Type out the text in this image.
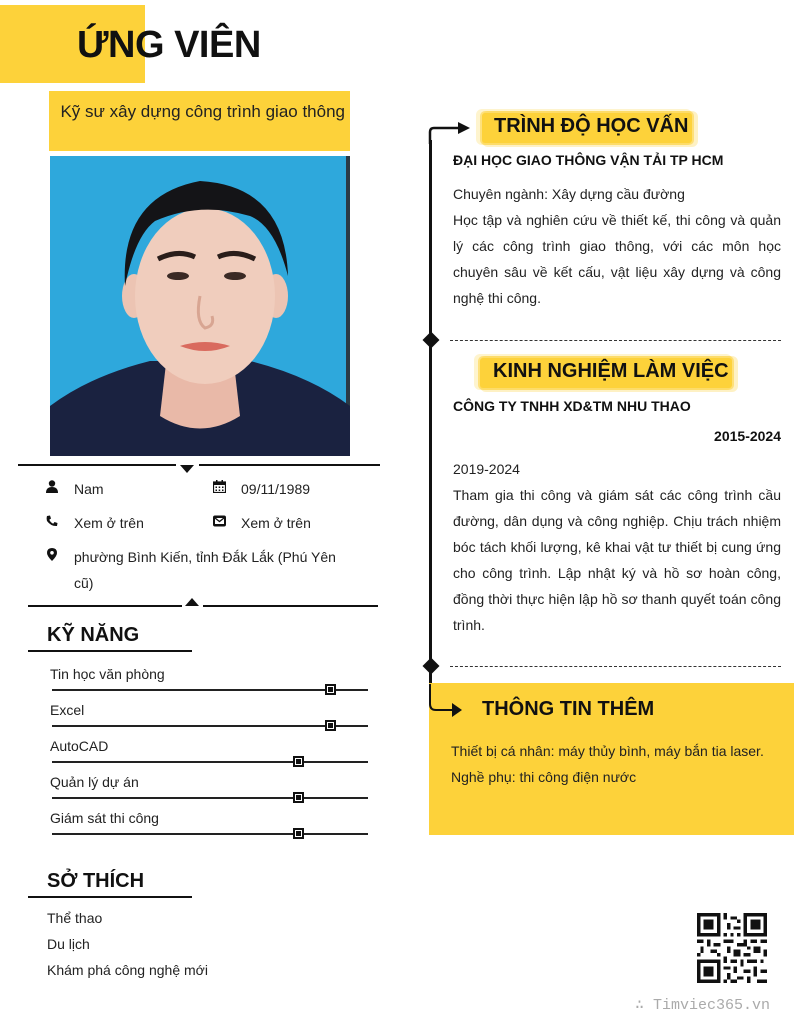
ỨNG VIÊN
Kỹ sư xây dựng công trình giao thông
Nam	09/11/1989
Xem ở trên	Xem ở trên
phường Bình Kiến, tỉnh Đắk Lắk (Phú Yên cũ)
KỸ NĂNG
Tin học văn phòng
Excel
AutoCAD
Quản lý dự án
Giám sát thi công
SỞ THÍCH
Thể thao
Du lịch
Khám phá công nghệ mới
TRÌNH ĐỘ HỌC VẤN
ĐẠI HỌC GIAO THÔNG VẬN TẢI TP HCM
Chuyên ngành: Xây dựng cầu đường
Học tập và nghiên cứu về thiết kế, thi công và quản lý các công trình giao thông, với các môn học chuyên sâu về kết cấu, vật liệu xây dựng và công nghệ thi công.
KINH NGHIỆM LÀM VIỆC
CÔNG TY TNHH XD&TM NHU THAO
2015-2024
2019-2024
Tham gia thi công và giám sát các công trình cầu đường, dân dụng và công nghiệp. Chịu trách nhiệm bóc tách khối lượng, kê khai vật tư thiết bị cung ứng cho công trình. Lập nhật ký và hồ sơ hoàn công, đồng thời thực hiện lập hồ sơ thanh quyết toán công trình.
THÔNG TIN THÊM
Thiết bị cá nhân: máy thủy bình, máy bắn tia laser.
Nghề phụ: thi công điện nước
∴ Timviec365.vn
